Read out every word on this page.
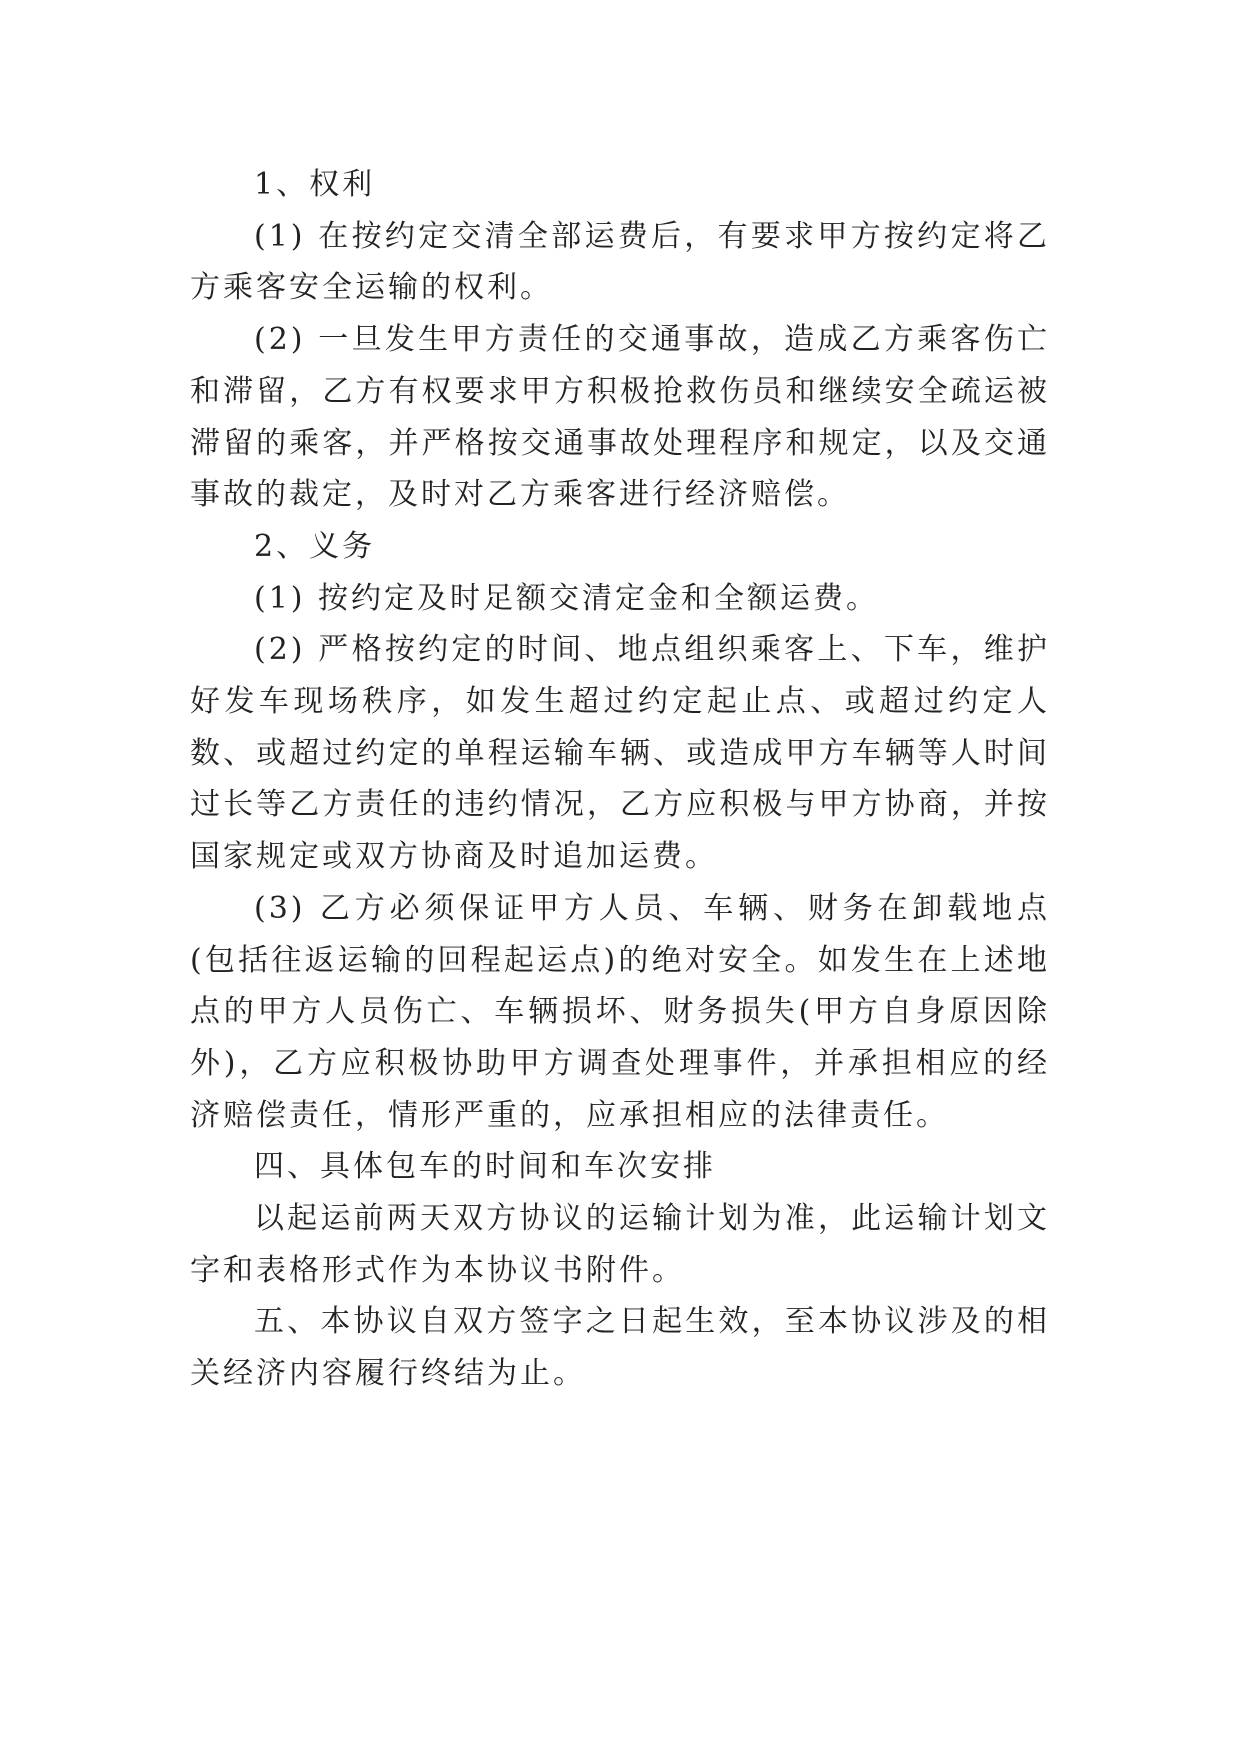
1、权利

(1) 在按约定交清全部运费后，有要求甲方按约定将乙方乘客安全运输的权利。

(2) 一旦发生甲方责任的交通事故，造成乙方乘客伤亡和滞留，乙方有权要求甲方积极抢救伤员和继续安全疏运被滞留的乘客，并严格按交通事故处理程序和规定，以及交通事故的裁定，及时对乙方乘客进行经济赔偿。

2、义务

(1) 按约定及时足额交清定金和全额运费。

(2) 严格按约定的时间、地点组织乘客上、下车，维护好发车现场秩序，如发生超过约定起止点、或超过约定人数、或超过约定的单程运输车辆、或造成甲方车辆等人时间过长等乙方责任的违约情况，乙方应积极与甲方协商，并按国家规定或双方协商及时追加运费。

(3) 乙方必须保证甲方人员、车辆、财务在卸载地点(包括往返运输的回程起运点)的绝对安全。如发生在上述地点的甲方人员伤亡、车辆损坏、财务损失(甲方自身原因除外)，乙方应积极协助甲方调查处理事件，并承担相应的经济赔偿责任，情形严重的，应承担相应的法律责任。

四、具体包车的时间和车次安排

以起运前两天双方协议的运输计划为准，此运输计划文字和表格形式作为本协议书附件。

五、本协议自双方签字之日起生效，至本协议涉及的相关经济内容履行终结为止。
